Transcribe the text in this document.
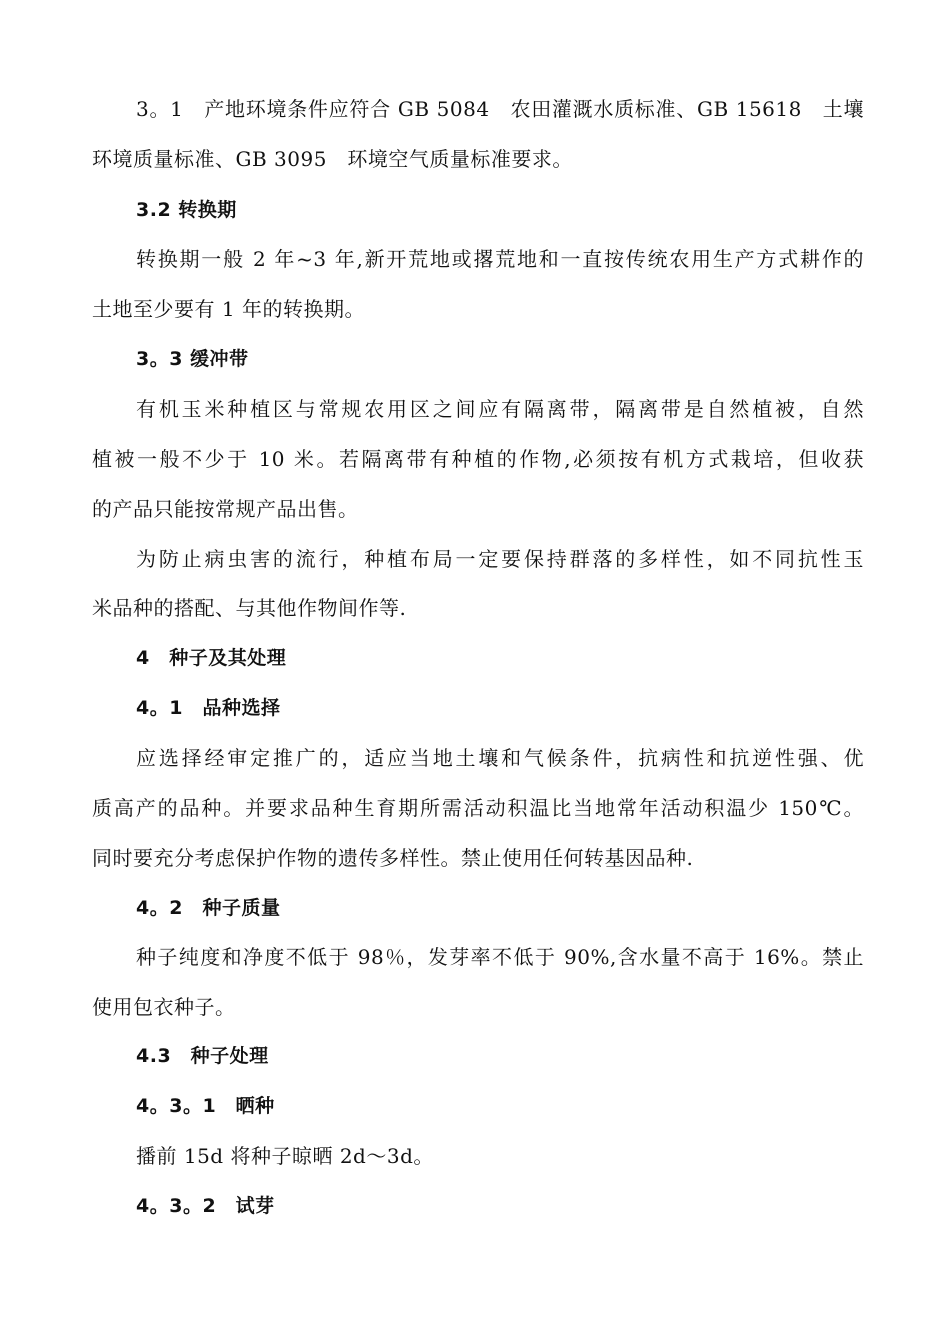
3。1　产地环境条件应符合 GB 5084　农田灌溉水质标准、GB 15618　土壤
环境质量标准、GB 3095　环境空气质量标准要求。
3.2 转换期
转换期一般 2 年~3 年,新开荒地或撂荒地和一直按传统农用生产方式耕作的
土地至少要有 1 年的转换期。
3。3 缓冲带
有机玉米种植区与常规农用区之间应有隔离带，隔离带是自然植被，自然
植被一般不少于 10 米。若隔离带有种植的作物,必须按有机方式栽培，但收获
的产品只能按常规产品出售。
为防止病虫害的流行，种植布局一定要保持群落的多样性，如不同抗性玉
米品种的搭配、与其他作物间作等.
4　种子及其处理
4。1　品种选择
应选择经审定推广的，适应当地土壤和气候条件，抗病性和抗逆性强、优
质高产的品种。并要求品种生育期所需活动积温比当地常年活动积温少 150℃。
同时要充分考虑保护作物的遗传多样性。禁止使用任何转基因品种.
4。2　种子质量
种子纯度和净度不低于 98％，发芽率不低于 90%,含水量不高于 16%。禁止
使用包衣种子。
4.3　种子处理
4。3。1　晒种
播前 15d 将种子晾晒 2d～3d。
4。3。2　试芽
